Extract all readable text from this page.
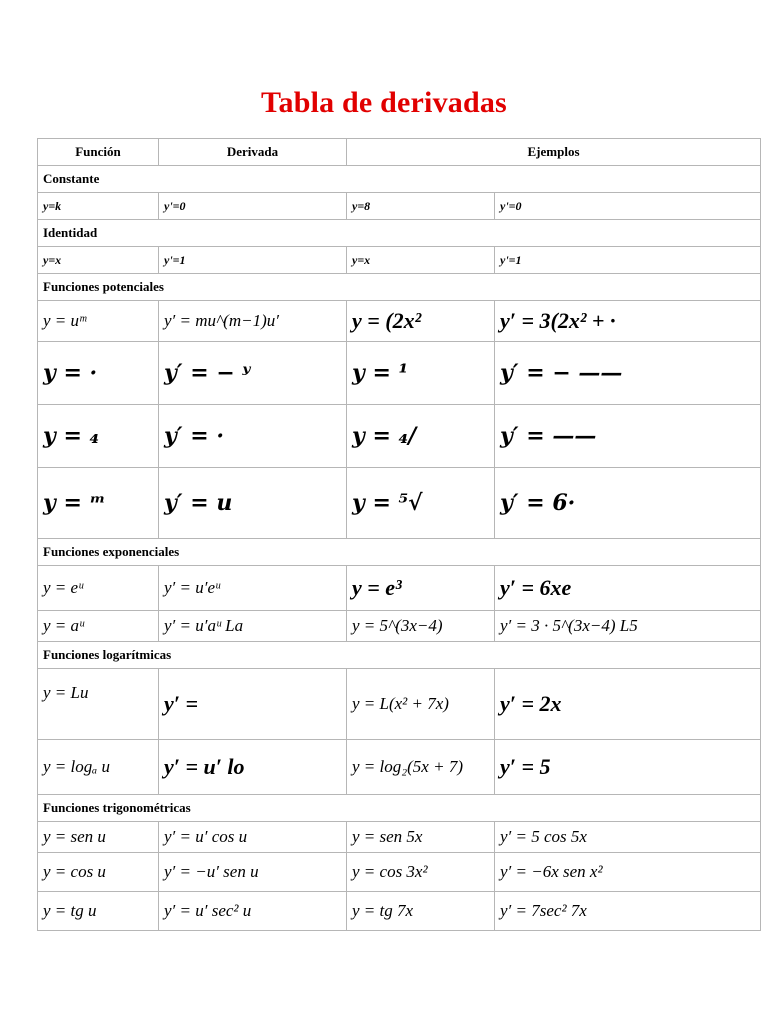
Tabla de derivadas
Función	Derivada	Ejemplos	
Constante			
y=k	y'=0	y=8	y'=0
Identidad			
y=x	y'=1	y=x	y'=1
Funciones potenciales			
y = uᵐ	y′ = mu^(m−1)u′	y = (2x²	y′ = 3(2x² + ·
y = ·	y′ = − ʸ	y = ¹	y′ = − ——
y = ₄	y′ = ·	y = ₄/	y′ = ——
y = ᵐ	y′ = u	y = ⁵√	y′ = 6·
Funciones exponenciales			
y = eᵘ	y′ = u′eᵘ	y = e³	y′ = 6xe
y = aᵘ	y′ = u′aᵘ La	y = 5^(3x−4)	y′ = 3 · 5^(3x−4) L5
Funciones logarítmicas			
y = Lu	y′ =	y = L(x² + 7x)	y′ = 2x
y = logₐ u	y′ = u′ lo	y = log₂(5x + 7)	y′ = 5
Funciones trigonométricas			
y = sen u	y′ = u′ cos u	y = sen 5x	y′ = 5 cos 5x
y = cos u	y′ = −u′ sen u	y = cos 3x²	y′ = −6x sen x²
y = tg u	y′ = u′ sec² u	y = tg 7x	y′ = 7sec² 7x
